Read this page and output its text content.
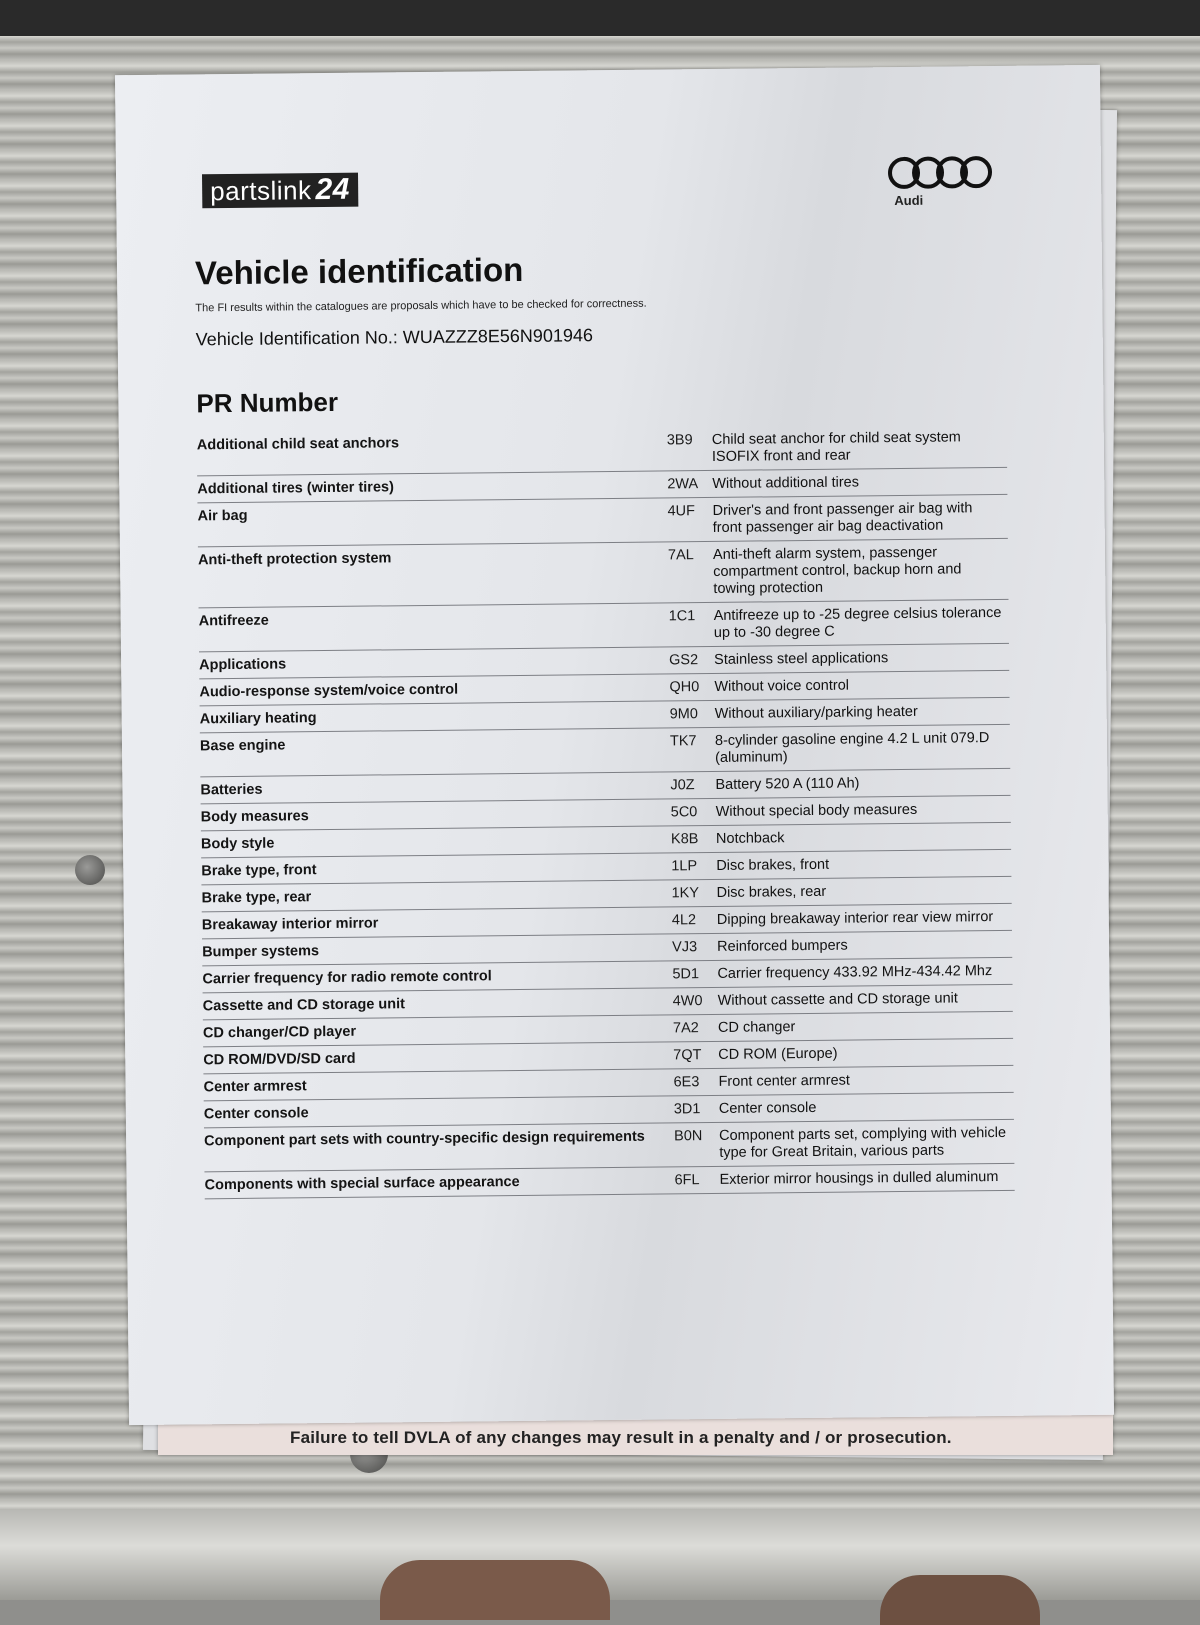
Failure to tell DVLA of any changes may result in a penalty and / or prosecution.
partslink 24	Audi
Vehicle identification
The FI results within the catalogues are proposals which have to be checked for correctness.
Vehicle Identification No.: WUAZZZ8E56N901946
PR Number
Additional child seat anchors	3B9	Child seat anchor for child seat system ISOFIX front and rear
Additional tires (winter tires)	2WA Without additional tires
Air bag	4UF	Driver's and front passenger air bag with front passenger air bag deactivation
Anti-theft protection system	7AL	Anti-theft alarm system, passenger compartment control, backup horn and towing protection
Antifreeze	1C1	Antifreeze up to -25 degree celsius tolerance up to -30 degree C
Applications	GS2	Stainless steel applications
Audio-response system/voice control	QH0	Without voice control
Auxiliary heating	9M0	Without auxiliary/parking heater
Base engine	TK7	8-cylinder gasoline engine 4.2 L unit 079.D (aluminum)
Batteries	J0Z	Battery 520 A (110 Ah)
Body measures	5C0	Without special body measures
Body style	K8B	Notchback
Brake type, front	1LP	Disc brakes, front
Brake type, rear	1KY	Disc brakes, rear
Breakaway interior mirror	4L2	Dipping breakaway interior rear view mirror
Bumper systems	VJ3	Reinforced bumpers
Carrier frequency for radio remote control	5D1	Carrier frequency 433.92 MHz-434.42 Mhz
Cassette and CD storage unit	4W0	Without cassette and CD storage unit
CD changer/CD player	7A2	CD changer
CD ROM/DVD/SD card	7QT	CD ROM (Europe)
Center armrest	6E3	Front center armrest
Center console	3D1	Center console
Component part sets with country-specific design requirements	B0N	Component parts set, complying with vehicle type for Great Britain, various parts
Components with special surface appearance	6FL	Exterior mirror housings in dulled aluminum
